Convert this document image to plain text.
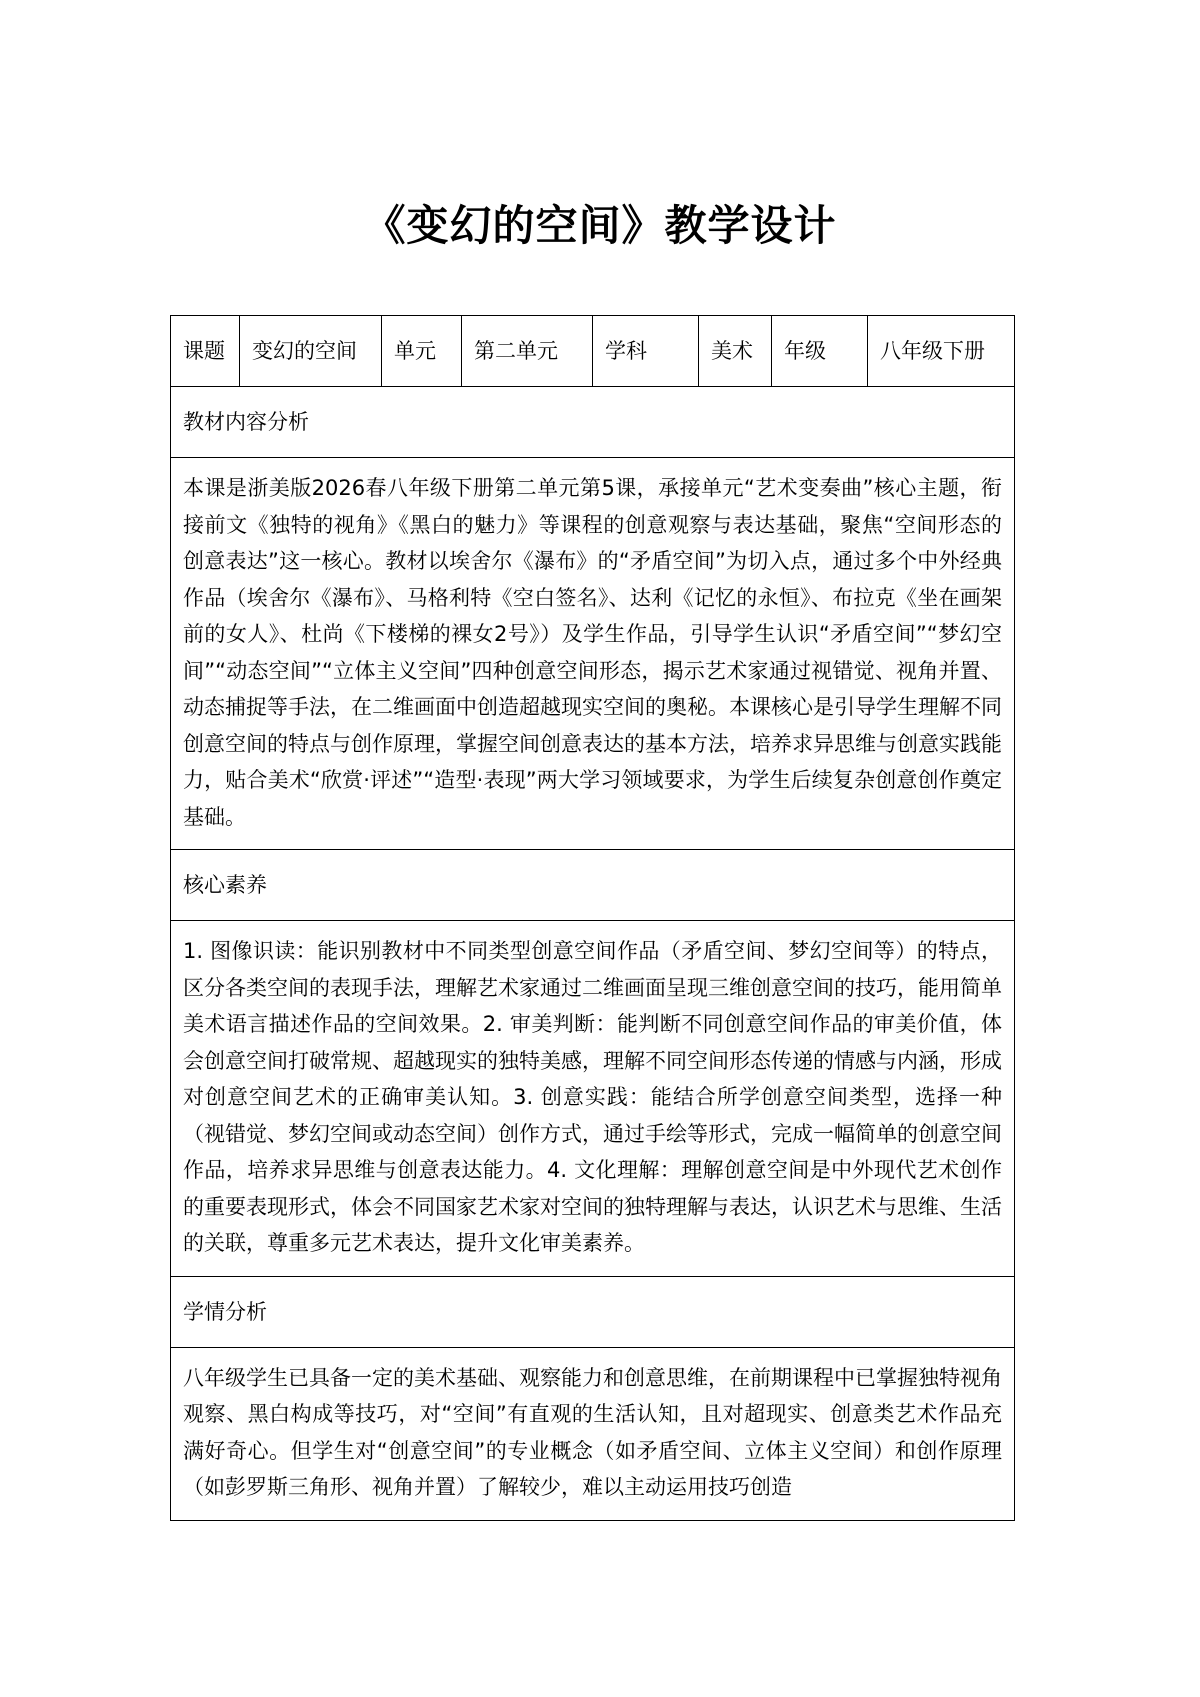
《变幻的空间》教学设计
课题	变幻的空间	单元	第二单元	学科	美术	年级	八年级下册
教材内容分析
本课是浙美版2026春八年级下册第二单元第5课，承接单元“艺术变奏曲”核心主题，衔接前文《独特的视角》《黑白的魅力》等课程的创意观察与表达基础，聚焦“空间形态的创意表达”这一核心。教材以埃舍尔《瀑布》的“矛盾空间”为切入点，通过多个中外经典作品（埃舍尔《瀑布》、马格利特《空白签名》、达利《记忆的永恒》、布拉克《坐在画架前的女人》、杜尚《下楼梯的裸女2号》）及学生作品，引导学生认识“矛盾空间”“梦幻空间”“动态空间”“立体主义空间”四种创意空间形态，揭示艺术家通过视错觉、视角并置、动态捕捉等手法，在二维画面中创造超越现实空间的奥秘。本课核心是引导学生理解不同创意空间的特点与创作原理，掌握空间创意表达的基本方法，培养求异思维与创意实践能力，贴合美术“欣赏·评述”“造型·表现”两大学习领域要求，为学生后续复杂创意创作奠定基础。
核心素养
1. 图像识读：能识别教材中不同类型创意空间作品（矛盾空间、梦幻空间等）的特点，区分各类空间的表现手法，理解艺术家通过二维画面呈现三维创意空间的技巧，能用简单美术语言描述作品的空间效果。2. 审美判断：能判断不同创意空间作品的审美价值，体会创意空间打破常规、超越现实的独特美感，理解不同空间形态传递的情感与内涵，形成对创意空间艺术的正确审美认知。3. 创意实践：能结合所学创意空间类型，选择一种（视错觉、梦幻空间或动态空间）创作方式，通过手绘等形式，完成一幅简单的创意空间作品，培养求异思维与创意表达能力。4. 文化理解：理解创意空间是中外现代艺术创作的重要表现形式，体会不同国家艺术家对空间的独特理解与表达，认识艺术与思维、生活的关联，尊重多元艺术表达，提升文化审美素养。
学情分析
八年级学生已具备一定的美术基础、观察能力和创意思维，在前期课程中已掌握独特视角观察、黑白构成等技巧，对“空间”有直观的生活认知，且对超现实、创意类艺术作品充满好奇心。但学生对“创意空间”的专业概念（如矛盾空间、立体主义空间）和创作原理（如彭罗斯三角形、视角并置）了解较少，难以主动运用技巧创造
